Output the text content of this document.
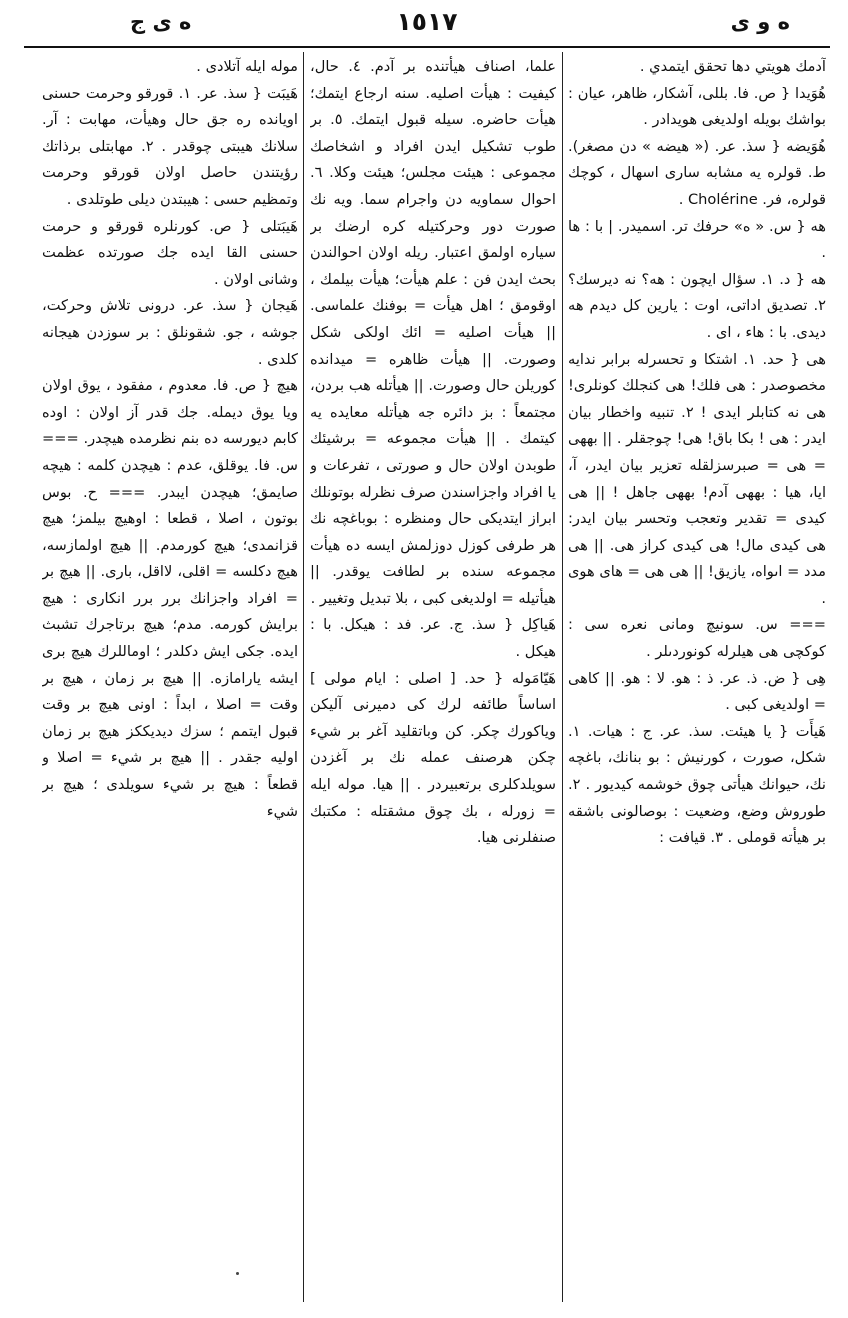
ه و ى
١٥١٧
ه ى ج

آدمك هويتي دها تحقق ايتمدي .

هُوَيدا { ص. فا. بللى، آشكار، ظاهر، عيان : بواشك بويله اولديغى هويدادر .

هُوَيضه { سذ. عر. (« هيضه » دن مصغر). ط. قولره يه مشابه سارى اسهال ، كوچك قولره، فر. Cholérine .

هه { س. « ه» حرفك تر. اسميدر. | با : ها .

هه { د. ١. سؤال ايچون : هه؟ نه ديرسك؟ ٢. تصديق اداتى، اوت : يارين كل ديدم هه ديدى. با : هاء ، اى .

هى { حد. ١. اشتكا و تحسرله برابر ندايه مخصوصدر : هى فلك! هى كنجلك كونلرى! هى نه كتابلر ايدى ! ٢. تنبيه واخطار بيان ايدر : هى ! بكا باق! هى! چوجقلر . || بههى = هى = صبرسزلقله تعزير بيان ايدر، آ، ايا، هيا : بههى آدم! بههى جاهل ! || هى كيدى = تقدير وتعجب وتحسر بيان ايدر: هى كيدى مال! هى كيدى كراز هى. || هى مدد = اىواه، يازيق! || هى هى = هاى هوى .

=== س. سونيچ ومانى نعره سى : كوكچى هى هيلرله كونوردىلر .

هِى { ض. ذ. عر. ذ : هو. لا : هو. || كاهى = اولديغى كبى .

هَيأَت { يا هيئت. سذ. عر. ج : هيات. ١. شكل، صورت ، كورنيش : بو بنانك، باغچه نك، حيوانك هيأتى چوق خوشمه كيديور . ٢. طوروش وضع، وضعيت : بوصالونى باشقه بر هيأته قوملى . ٣. قيافت :

علما، اصناف هيأتنده بر آدم. ٤. حال، كيفيت : هيأت اصليه. سنه ارجاع ايتمك؛ هيأت حاضره. سيله قبول ايتمك. ٥. بر طوب تشكيل ايدن افراد و اشخاصك مجموعى : هيئت مجلس؛ هيئت وكلا. ٦. احوال سماويه دن واجرام سما. ويه نك صورت دور وحركتيله كره ارضك بر سياره اولمق اعتبار. ريله اولان احوالندن بحث ايدن فن : علم هيأت؛ هيأت بيلمك ، اوقومق ؛ اهل هيأت = بوفنك علماسى. || هيأت اصليه = ائك اولكى شكل وصورت. || هيأت ظاهره = ميدانده كوريلن حال وصورت. || هيأتله هب بردن، مجتمعاً : بز دائره جه هيأتله معايده يه كيتمك . || هيأت مجموعه = برشيئك طوبدن اولان حال و صورتى ، تفرعات و يا افراد واجزاسندن صرف نظرله بوتونلك ابراز ايتديكى حال ومنظره : بوباغچه نك هر طرفى كوزل دوزلمش ايسه ده هيأت مجموعه سنده بر لطافت يوقدر. || هيأتيله = اولديغى كبى ، بلا تبديل وتغيير .

هَياكِل { سذ. ج. عر. فد : هيكل. با : هيكل .

هَيّامَوله { حد. [ اصلى : ايام مولى ] اساساً طائفه لرك كى دميرنى آليكن وياكورك چكر. كن وباتقليد آغر بر شيء چكن هرصنف عمله نك بر آغزدن سويلدكلرى برتعبيردر . || هيا. موله ايله = زورله ، بك چوق مشقتله : مكتبك صنفلرنى هيا.

موله ايله آتلادى .

هَيبَت { سذ. عر. ١. قورقو وحرمت حسنى اويانده ره جق حال وهيأت، مهابت : آر. سلانك هيبتى چوقدر . ٢. مهابتلى برذاتك رؤيتندن حاصل اولان قورقو وحرمت وتمظيم حسى : هيبتدن ديلى طوتلدى .

هَيبَتلى { ص. كورنلره قورقو و حرمت حسنى القا ايده جك صورتده عظمت وشانى اولان .

هَيجان { سذ. عر. درونى تلاش وحركت، جوشه ، جو. شقونلق : بر سوزدن هيجانه كلدى .

هيچ { ص. فا. معدوم ، مفقود ، يوق اولان ويا يوق ديمله. جك قدر آز اولان : اوده كابم ديورسه ده بنم نظرمده هيچدر. === س. فا. يوقلق، عدم : هيچدن كلمه : هيچه صايمق؛ هيچدن ايبدر. === ح. بوس بوتون ، اصلا ، قطعا : اوهيچ بيلمز؛ هيچ قزانمدى؛ هيچ كورمدم. || هيچ اولمازسه، هيچ دكلسه = اقلى، لااقل، بارى. || هيچ بر = افراد واجزانك برر برر انكارى : هيچ برايش كورمه. مدم؛ هيچ برتاجرك تشبث ايده. جكى ايش دكلدر ؛ اوماللرك هيچ برى ايشه يارامازه. || هيچ بر زمان ، هيچ بر وقت = اصلا ، ابداً : اونى هيچ بر وقت قبول ايتمم ؛ سزك ديديككز هيچ بر زمان اوليه جقدر . || هيچ بر شيء = اصلا و قطعاً : هيچ بر شيء سويلدى ؛ هيچ بر شيء
